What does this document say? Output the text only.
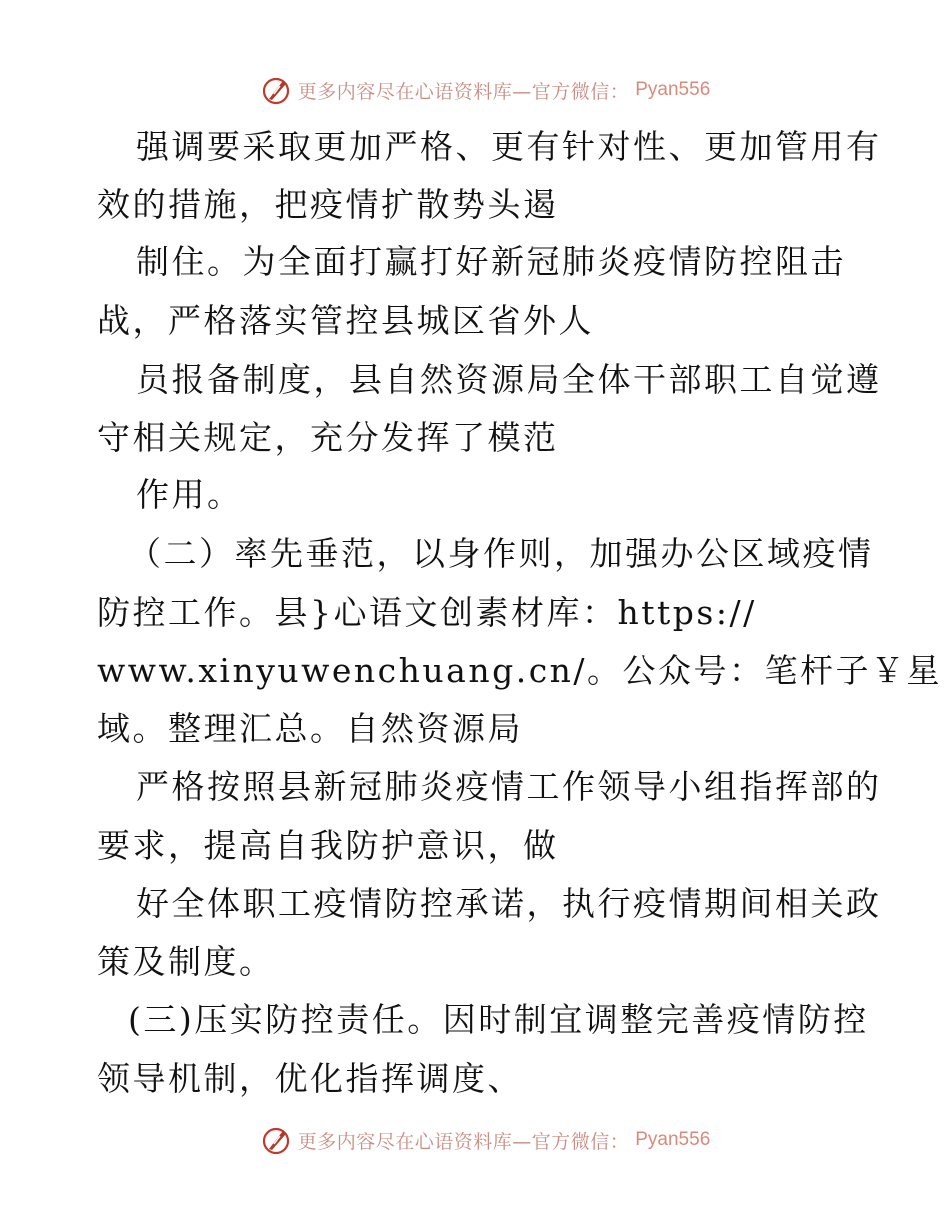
更多内容尽在心语资料库—官方微信： Pyan556
强调要采取更加严格、更有针对性、更加管用有
效的措施，把疫情扩散势头遏
制住。为全面打赢打好新冠肺炎疫情防控阻击
战，严格落实管控县城区省外人
员报备制度，县自然资源局全体干部职工自觉遵
守相关规定，充分发挥了模范
作用。
（二）率先垂范，以身作则，加强办公区域疫情
防控工作。县}心语文创素材库：https://
www.xinyuwenchuang.cn/。公众号：笔杆子￥星
域。整理汇总。自然资源局
严格按照县新冠肺炎疫情工作领导小组指挥部的
要求，提高自我防护意识，做
好全体职工疫情防控承诺，执行疫情期间相关政
策及制度。
(三)压实防控责任。因时制宜调整完善疫情防控
领导机制，优化指挥调度、
更多内容尽在心语资料库—官方微信： Pyan556
